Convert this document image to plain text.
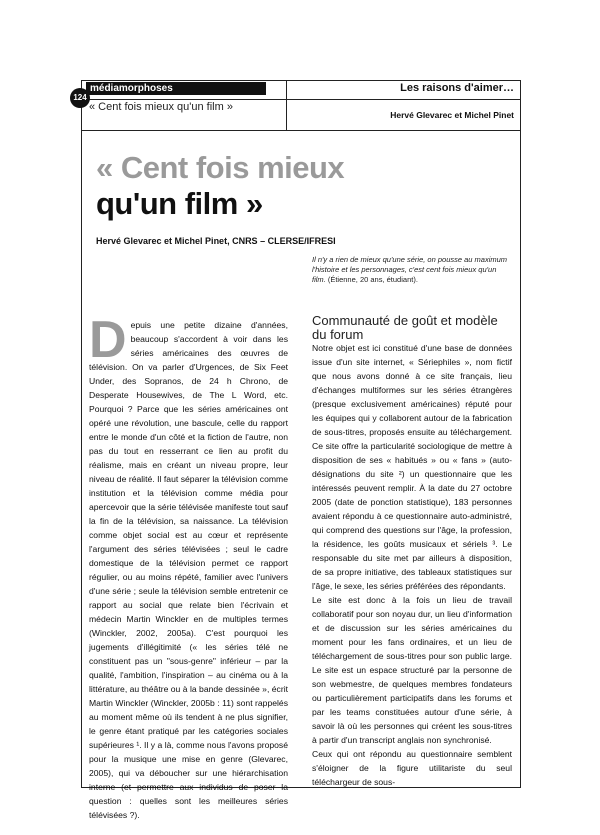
médiamorphoses
124
« Cent fois mieux qu'un film »
Les raisons d'aimer…
Hervé Glevarec et Michel Pinet
« Cent fois mieux
qu'un film »
Hervé Glevarec et Michel Pinet, CNRS – CLERSE/IFRESI
Il n'y a rien de mieux qu'une série, on pousse au maximum l'histoire et les personnages, c'est cent fois mieux qu'un film. (Étienne, 20 ans, étudiant).
D epuis une petite dizaine d'années, beaucoup s'accordent à voir dans les séries américaines des œuvres de télévision. On va parler d'Urgences, de Six Feet Under, des Sopranos, de 24 h Chrono, de Desperate Housewives, de The L Word, etc. Pourquoi ? Parce que les séries américaines ont opéré une révolution, une bascule, celle du rapport entre le monde d'un côté et la fiction de l'autre, non pas du tout en resserrant ce lien au profit du réalisme, mais en créant un niveau propre, leur niveau de réalité. Il faut séparer la télévision comme institution et la télévision comme média pour apercevoir que la série télévisée manifeste tout sauf la fin de la télévision, sa naissance. La télévision comme objet social est au cœur et représente l'argument des séries télévisées ; seul le cadre domestique de la télévision permet ce rapport régulier, ou au moins répété, familier avec l'univers d'une série ; seule la télévision semble entretenir ce rapport au social que relate bien l'écrivain et médecin Martin Winckler en de multiples termes (Winckler, 2002, 2005a). C'est pourquoi les jugements d'illégitimité (« les séries télé ne constituent pas un "sous-genre" inférieur – par la qualité, l'ambition, l'inspiration – au cinéma ou à la littérature, au théâtre ou à la bande dessinée », écrit Martin Winckler (Winckler, 2005b : 11) sont rappelés au moment même où ils tendent à ne plus signifier, le genre étant pratiqué par les catégories sociales supérieures ¹. Il y a là, comme nous l'avons proposé pour la musique une mise en genre (Glevarec, 2005), qui va déboucher sur une hiérarchisation interne (et permettre aux individus de poser la question : quelles sont les meilleures séries télévisées ?).

Communauté de goût et modèle du forum

Notre objet est ici constitué d'une base de données issue d'un site internet, « Sériephiles », nom fictif que nous avons donné à ce site français, lieu d'échanges multiformes sur les séries étrangères (presque exclusivement américaines) réputé pour les équipes qui y collaborent autour de la fabrication de sous-titres, proposés ensuite au téléchargement. Ce site offre la particularité sociologique de mettre à disposition de ses « habitués » ou « fans » (auto-désignations du site ²) un questionnaire que les intéressés peuvent remplir. À la date du 27 octobre 2005 (date de ponction statistique), 183 personnes avaient répondu à ce questionnaire auto-administré, qui comprend des questions sur l'âge, la profession, la résidence, les goûts musicaux et sériels ³. Le responsable du site met par ailleurs à disposition, de sa propre initiative, des tableaux statistiques sur l'âge, le sexe, les séries préférées des répondants.

Le site est donc à la fois un lieu de travail collaboratif pour son noyau dur, un lieu d'information et de discussion sur les séries américaines du moment pour les fans ordinaires, et un lieu de téléchargement de sous-titres pour son public large. Le site est un espace structuré par la personne de son webmestre, de quelques membres fondateurs ou particulièrement participatifs dans les forums et par les teams constituées autour d'une série, à savoir là où les personnes qui créent les sous-titres à partir d'un transcript anglais non synchronisé.

Ceux qui ont répondu au questionnaire semblent s'éloigner de la figure utilitariste du seul téléchargeur de sous-
